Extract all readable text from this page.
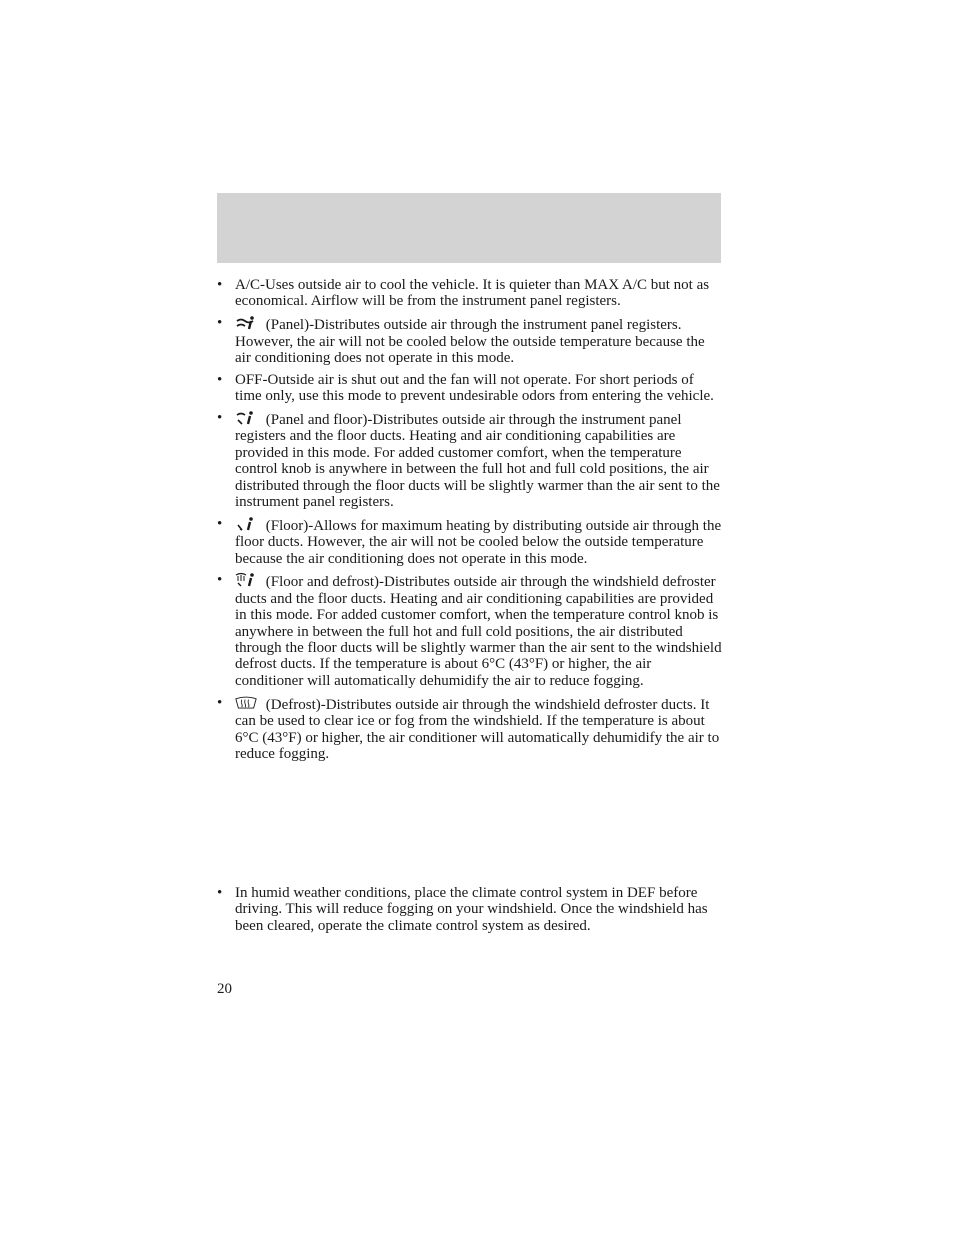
• A/C-Uses outside air to cool the vehicle. It is quieter than MAX A/C but not as economical. Airflow will be from the instrument panel registers.
•	(Panel)-Distributes outside air through the instrument panel registers. However, the air will not be cooled below the outside temperature because the air conditioning does not operate in this mode.
• OFF-Outside air is shut out and the fan will not operate. For short periods of time only, use this mode to prevent undesirable odors from entering the vehicle.
•	(Panel and floor)-Distributes outside air through the instrument panel registers and the floor ducts. Heating and air conditioning capabilities are provided in this mode. For added customer comfort, when the temperature control knob is anywhere in between the full hot and full cold positions, the air distributed through the floor ducts will be slightly warmer than the air sent to the instrument panel registers.
•	(Floor)-Allows for maximum heating by distributing outside air through the floor ducts. However, the air will not be cooled below the outside temperature because the air conditioning does not operate in this mode.
•	(Floor and defrost)-Distributes outside air through the windshield defroster ducts and the floor ducts. Heating and air conditioning capabilities are provided in this mode. For added customer comfort, when the temperature control knob is anywhere in between the full hot and full cold positions, the air distributed through the floor ducts will be slightly warmer than the air sent to the windshield defrost ducts. If the temperature is about 6°C (43°F) or higher, the air conditioner will automatically dehumidify the air to reduce fogging.
•	(Defrost)-Distributes outside air through the windshield defroster ducts. It can be used to clear ice or fog from the windshield. If the temperature is about 6°C (43°F) or higher, the air conditioner will automatically dehumidify the air to reduce fogging.
• In humid weather conditions, place the climate control system in DEF before driving. This will reduce fogging on your windshield. Once the windshield has been cleared, operate the climate control system as desired.
20
